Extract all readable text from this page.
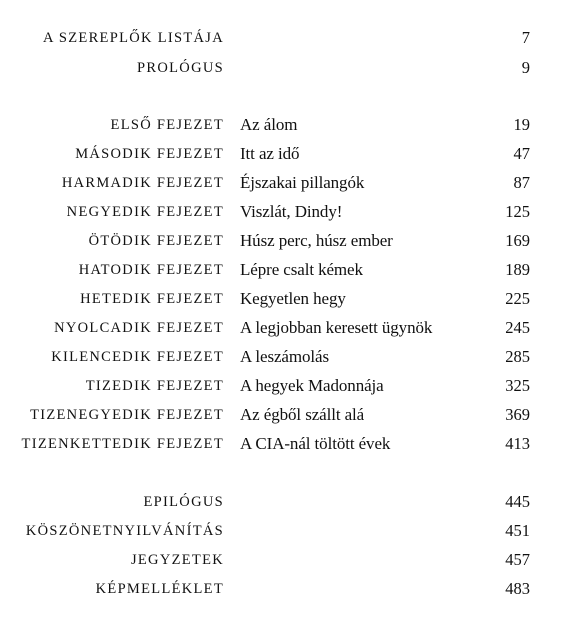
A SZEREPLŐK LISTÁJA	7
PROLÓGUS	9
ELSŐ FEJEZET Az álom	19
MÁSODIK FEJEZET Itt az idő	47
HARMADIK FEJEZET Éjszakai pillangók	87
NEGYEDIK FEJEZET Viszlát, Dindy!	125
ÖTÖDIK FEJEZET Húsz perc, húsz ember	169
HATODIK FEJEZET Lépre csalt kémek	189
HETEDIK FEJEZET Kegyetlen hegy	225
NYOLCADIK FEJEZET A legjobban keresett ügynök	245
KILENCEDIK FEJEZET A leszámolás	285
TIZEDIK FEJEZET A hegyek Madonnája	325
TIZENEGYEDIK FEJEZET Az égből szállt alá	369
TIZENKETTEDIK FEJEZET A CIA-nál töltött évek	413
EPILÓGUS	445
KÖSZÖNETNYILVÁNÍTÁS	451
JEGYZETEK	457
KÉPMELLÉKLET	483
